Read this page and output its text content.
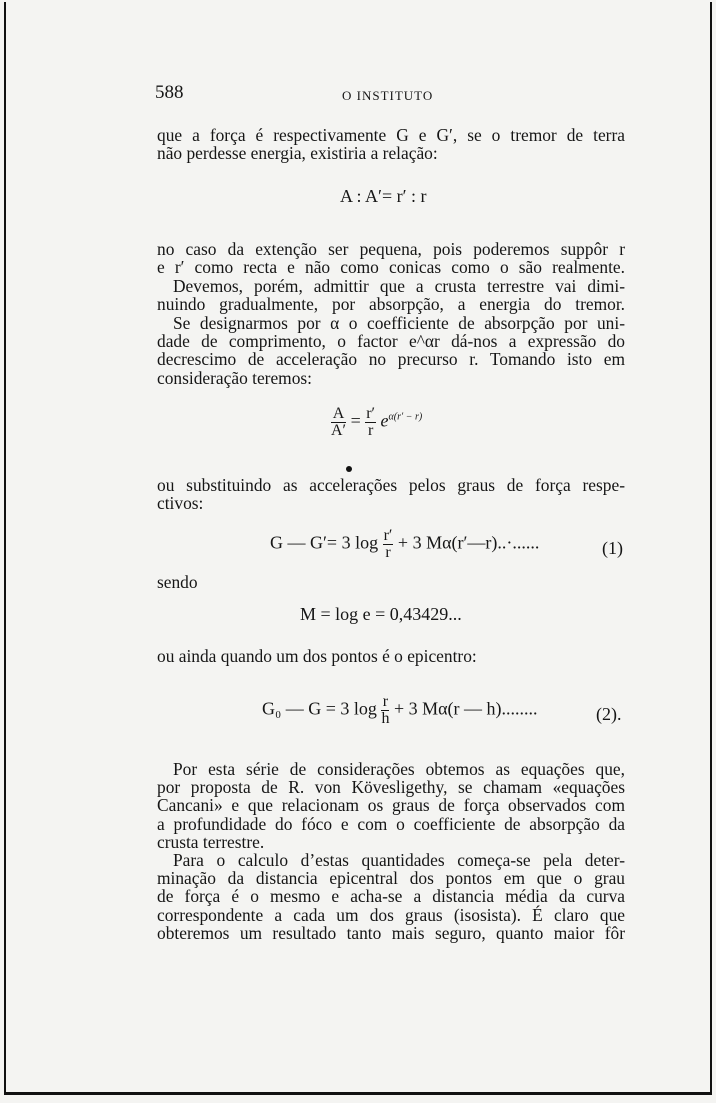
588	O INSTITUTO
que a força é respectivamente G e G′, se o tremor de terra
não perdesse energia, existiria a relação:
A : A′= r′ : r
no caso da extenção ser pequena, pois poderemos suppôr r
e r′ como recta e não como conicas como o são realmente.
Devemos, porém, admittir que a crusta terrestre vai dimi-
nuindo gradualmente, por absorpção, a energia do tremor.
Se designarmos por α o coefficiente de absorpção por uni-
dade de comprimento, o factor e^αr dá-nos a expressão do
decrescimo de acceleração no precurso r. Tomando isto em
consideração teremos:
$\frac{A}{A'} = \frac{r'}{r} e^{\alpha(r' - r)}$
ou substituindo as accelerações pelos graus de força respe-
ctivos:
G — G′= 3 $\log \frac{r'}{r} + 3$ Mα(r′—r)..·......	(1)
sendo
M = log e = 0,43429...
ou ainda quando um dos pontos é o epicentro:
G₀ — G = 3 $\log \frac{r}{h} + 3$ Mα(r — h)........	(2).
Por esta série de considerações obtemos as equações que,
por proposta de R. von Kövesligethy, se chamam «equações
Cancani» e que relacionam os graus de força observados com
a profundidade do fóco e com o coefficiente de absorpção da
crusta terrestre.
Para o calculo d’estas quantidades começa-se pela deter-
minação da distancia epicentral dos pontos em que o grau
de força é o mesmo e acha-se a distancia média da curva
correspondente a cada um dos graus (isosista). É claro que
obteremos um resultado tanto mais seguro, quanto maior fôr
